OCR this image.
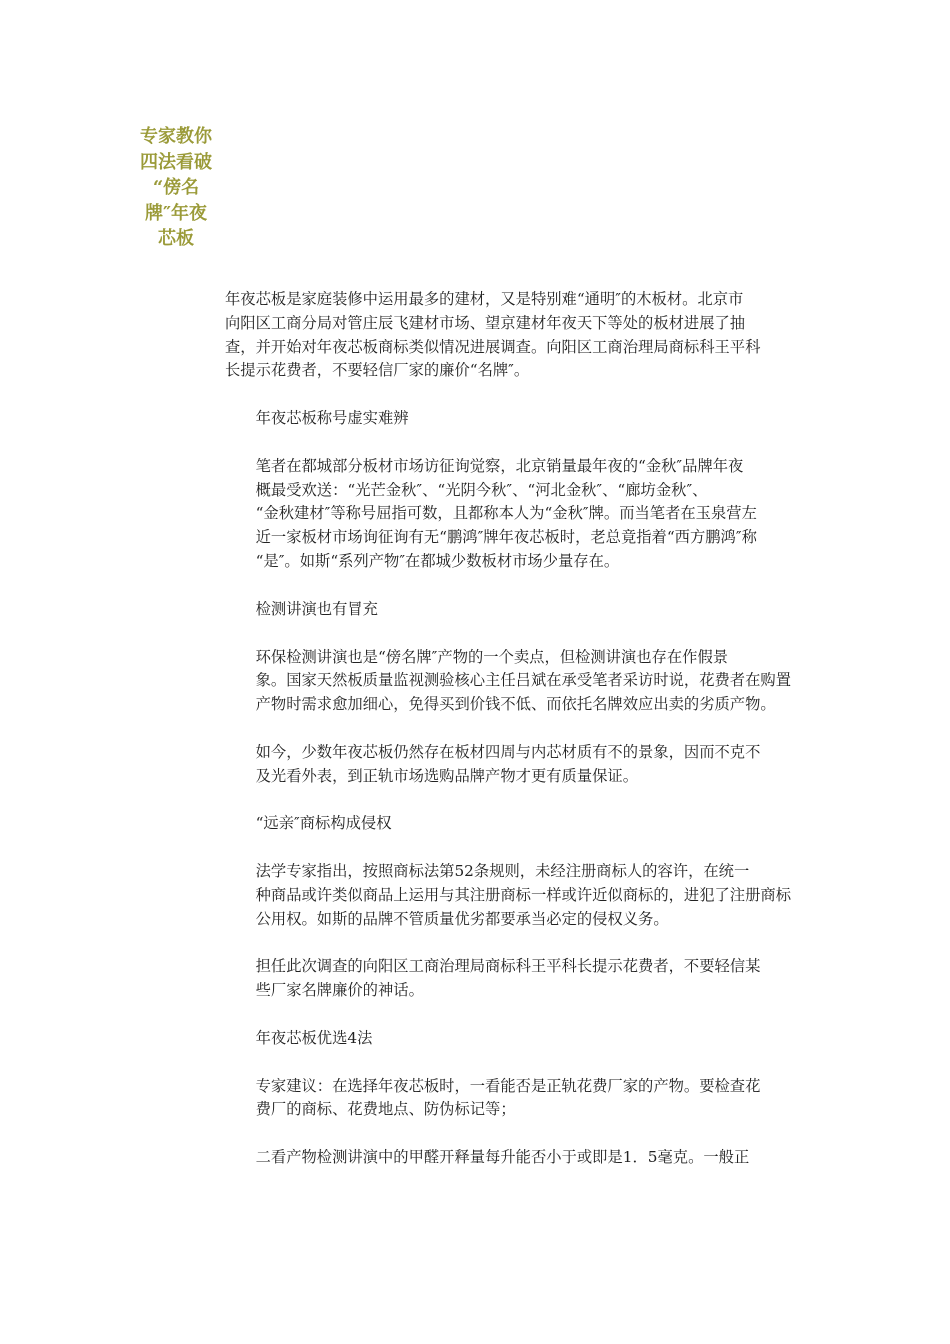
专家教你
四法看破
“傍名
牌″年夜
芯板

年夜芯板是家庭装修中运用最多的建材，又是特别难“通明″的木板材。北京市
向阳区工商分局对管庄辰飞建材市场、望京建材年夜天下等处的板材进展了抽
查，并开始对年夜芯板商标类似情况进展调查。向阳区工商治理局商标科王平科
长提示花费者，不要轻信厂家的廉价“名牌″。

年夜芯板称号虚实难辨

笔者在都城部分板材市场访征询觉察，北京销量最年夜的“金秋″品牌年夜
概最受欢送：“光芒金秋″、“光阴今秋″、“河北金秋″、“廊坊金秋″、
“金秋建材″等称号屈指可数，且都称本人为“金秋″牌。而当笔者在玉泉营左
近一家板材市场询征询有无“鹏鸿″牌年夜芯板时，老总竟指着“西方鹏鸿″称
“是″。如斯“系列产物″在都城少数板材市场少量存在。

检测讲演也有冒充

环保检测讲演也是“傍名牌″产物的一个卖点，但检测讲演也存在作假景
象。国家天然板质量监视测验核心主任吕斌在承受笔者采访时说，花费者在购置
产物时需求愈加细心，免得买到价钱不低、而依托名牌效应出卖的劣质产物。

如今，少数年夜芯板仍然存在板材四周与内芯材质有不的景象，因而不克不
及光看外表，到正轨市场选购品牌产物才更有质量保证。

“远亲″商标构成侵权

法学专家指出，按照商标法第52条规则，未经注册商标人的容许，在统一
种商品或许类似商品上运用与其注册商标一样或许近似商标的，进犯了注册商标
公用权。如斯的品牌不管质量优劣都要承当必定的侵权义务。

担任此次调查的向阳区工商治理局商标科王平科长提示花费者，不要轻信某
些厂家名牌廉价的神话。

年夜芯板优选4法

专家建议：在选择年夜芯板时，一看能否是正轨花费厂家的产物。要检查花
费厂的商标、花费地点、防伪标记等；

二看产物检测讲演中的甲醛开释量每升能否小于或即是1．5毫克。一般正
